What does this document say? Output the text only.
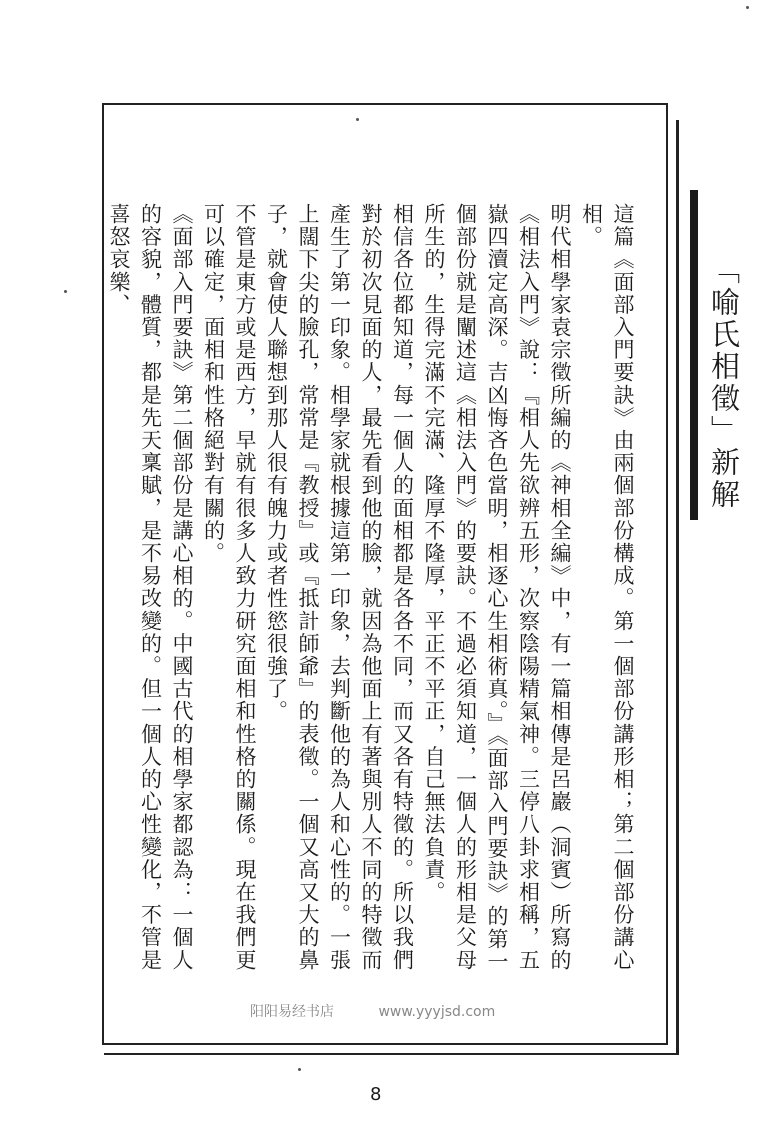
這篇《面部入門要訣》由兩個部份構成。第一個部份講形相；第二個部份講心相。

明代相學家袁宗徵所編的《神相全編》中，有一篇相傳是呂巖（洞賓）所寫的《相法入門》說：『相人先欲辨五形，次察陰陽精氣神。三停八卦求相稱，五嶽四瀆定高深。吉凶悔吝色當明，相逐心生相術真。』《面部入門要訣》的第一個部份就是闡述這《相法入門》的要訣。不過必須知道，一個人的形相是父母所生的，生得完滿不完滿、隆厚不隆厚，平正不平正，自己無法負責。

相信各位都知道，每一個人的面相都是各各不同，而又各有特徵的。所以我們對於初次見面的人，最先看到他的臉，就因為他面上有著與別人不同的特徵而產生了第一印象。相學家就根據這第一印象，去判斷他的為人和心性的。一張上闊下尖的臉孔，常常是『教授』或『抵計師爺』的表徵。一個又高又大的鼻子，就會使人聯想到那人很有魄力或者性慾很強了。

不管是東方或是西方，早就有很多人致力研究面相和性格的關係。現在我們更可以確定，面相和性格絕對有關的。

《面部入門要訣》第二個部份是講心相的。中國古代的相學家都認為：一個人的容貌，體質，都是先天稟賦，是不易改變的。但一個人的心性變化，不管是喜怒哀樂、	「喻氏相徵」新解
阳阳易经书店	www.yyyjsd.com
8
